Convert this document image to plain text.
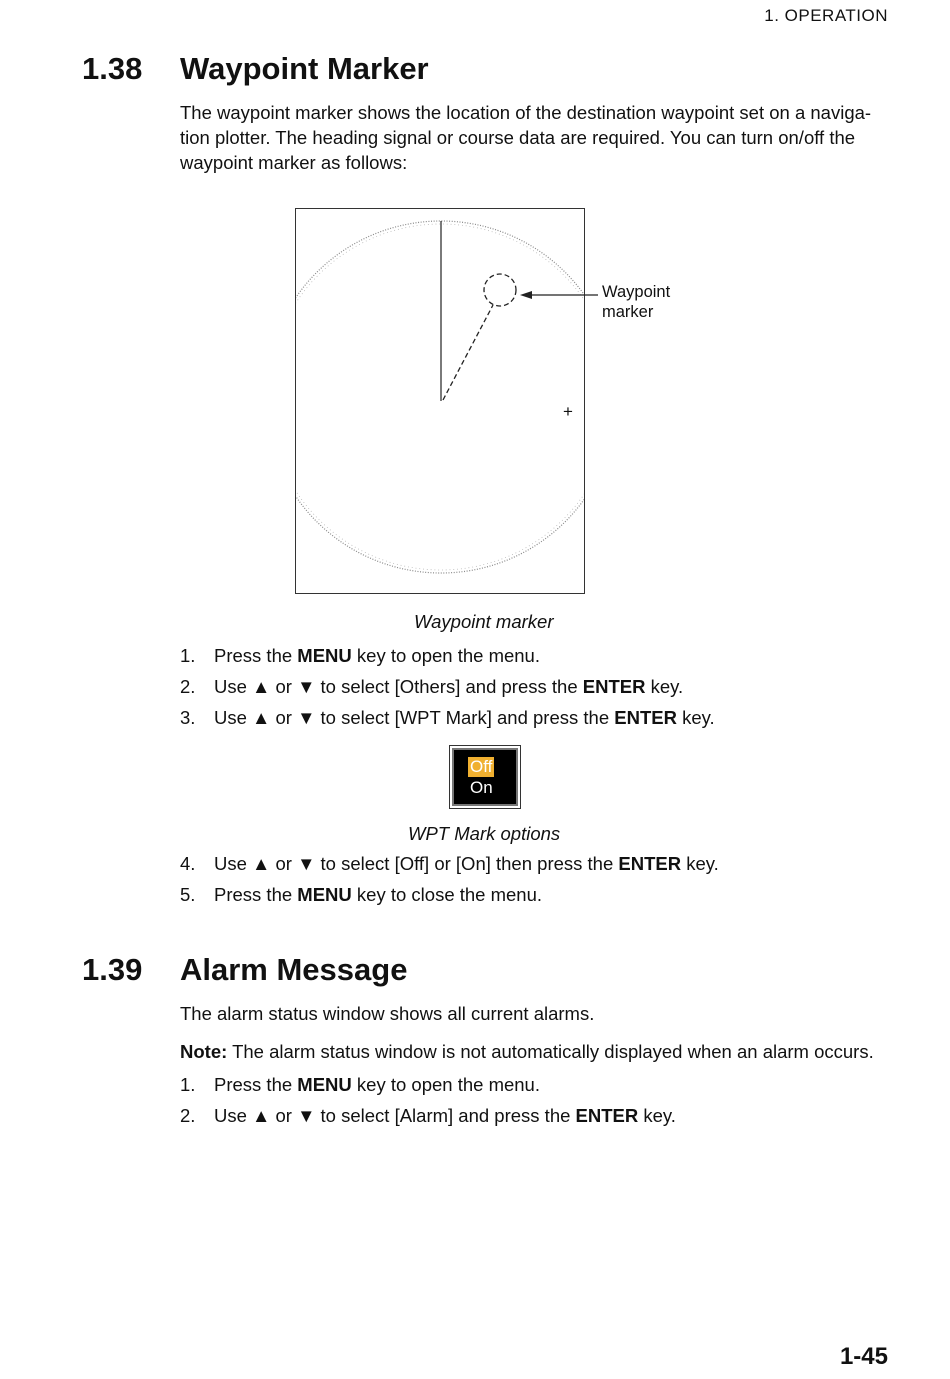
1. OPERATION
1.38 Waypoint Marker
The waypoint marker shows the location of the destination waypoint set on a naviga-
tion plotter. The heading signal or course data are required. You can turn on/off the
waypoint marker as follows:
+
Waypoint
marker
Waypoint marker
1. Press the MENU key to open the menu.
2. Use ▲ or ▼ to select [Others] and press the ENTER key.
3. Use ▲ or ▼ to select [WPT Mark] and press the ENTER key.
Off
On
WPT Mark options
4. Use ▲ or ▼ to select [Off] or [On] then press the ENTER key.
5. Press the MENU key to close the menu.
1.39 Alarm Message
The alarm status window shows all current alarms.
Note: The alarm status window is not automatically displayed when an alarm occurs.
1. Press the MENU key to open the menu.
2. Use ▲ or ▼ to select [Alarm] and press the ENTER key.
1-45
